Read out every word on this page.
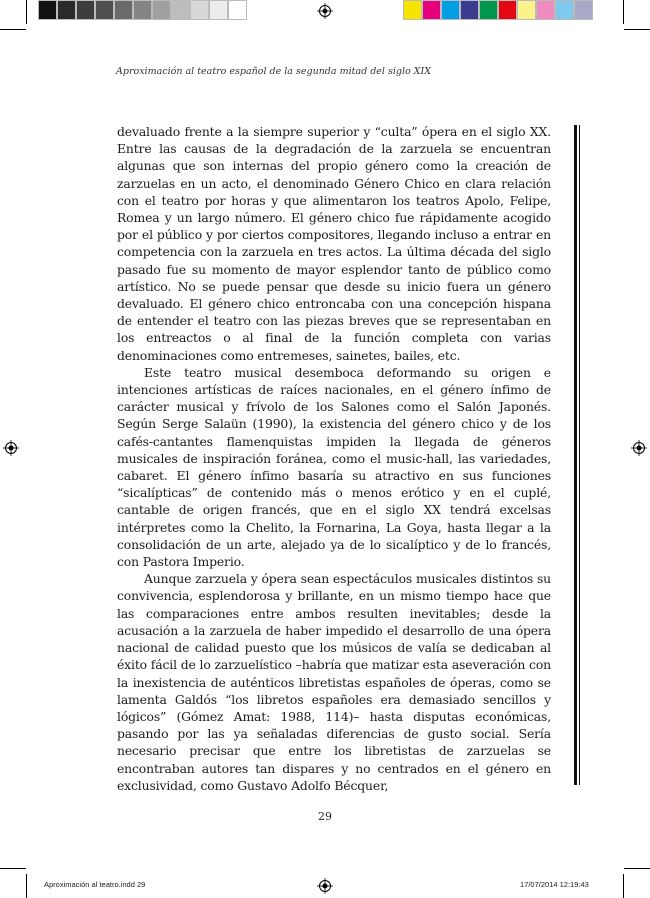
Aproximación al teatro español de la segunda mitad del siglo XIX

devaluado frente a la siempre superior y “culta” ópera en el siglo XX. Entre las causas de la degradación de la zarzuela se encuentran algunas que son internas del propio género como la creación de zarzuelas en un acto, el denominado Género Chico en clara relación con el teatro por horas y que alimentaron los teatros Apolo, Felipe, Romea y un largo número. El género chico fue rápidamente acogido por el público y por ciertos compositores, llegando incluso a entrar en competencia con la zarzuela en tres actos. La última década del siglo pasado fue su momento de mayor esplendor tanto de público como artístico. No se puede pensar que desde su inicio fuera un género devaluado. El género chico entroncaba con una concepción hispana de entender el teatro con las piezas breves que se representaban en los entreactos o al final de la función completa con varias denominaciones como entremeses, sainetes, bailes, etc.

Este teatro musical desemboca deformando su origen e intenciones artísticas de raíces nacionales, en el género ínfimo de carácter musical y frívolo de los Salones como el Salón Japonés. Según Serge Salaün (1990), la existencia del género chico y de los cafés-cantantes flamenquistas impiden la llegada de géneros musicales de inspiración foránea, como el music-hall, las variedades, cabaret. El género ínfimo basaría su atractivo en sus funciones “sicalípticas” de contenido más o menos erótico y en el cuplé, cantable de origen francés, que en el siglo XX tendrá excelsas intérpretes como la Chelito, la Fornarina, La Goya, hasta llegar a la consolidación de un arte, alejado ya de lo sicalíptico y de lo francés, con Pastora Imperio.

Aunque zarzuela y ópera sean espectáculos musicales distintos su convivencia, esplendorosa y brillante, en un mismo tiempo hace que las comparaciones entre ambos resulten inevitables; desde la acusación a la zarzuela de haber impedido el desarrollo de una ópera nacional de calidad puesto que los músicos de valía se dedicaban al éxito fácil de lo zarzuelístico –habría que matizar esta aseveración con la inexistencia de auténticos libretistas españoles de óperas, como se lamenta Galdós “los libretos españoles era demasiado sencillos y lógicos” (Gómez Amat: 1988, 114)– hasta disputas económicas, pasando por las ya señaladas diferencias de gusto social. Sería necesario precisar que entre los libretistas de zarzuelas se encontraban autores tan dispares y no centrados en el género en exclusividad, como Gustavo Adolfo Bécquer,

29
Aproximación al teatro.indd 29	17/07/2014 12:19:43
